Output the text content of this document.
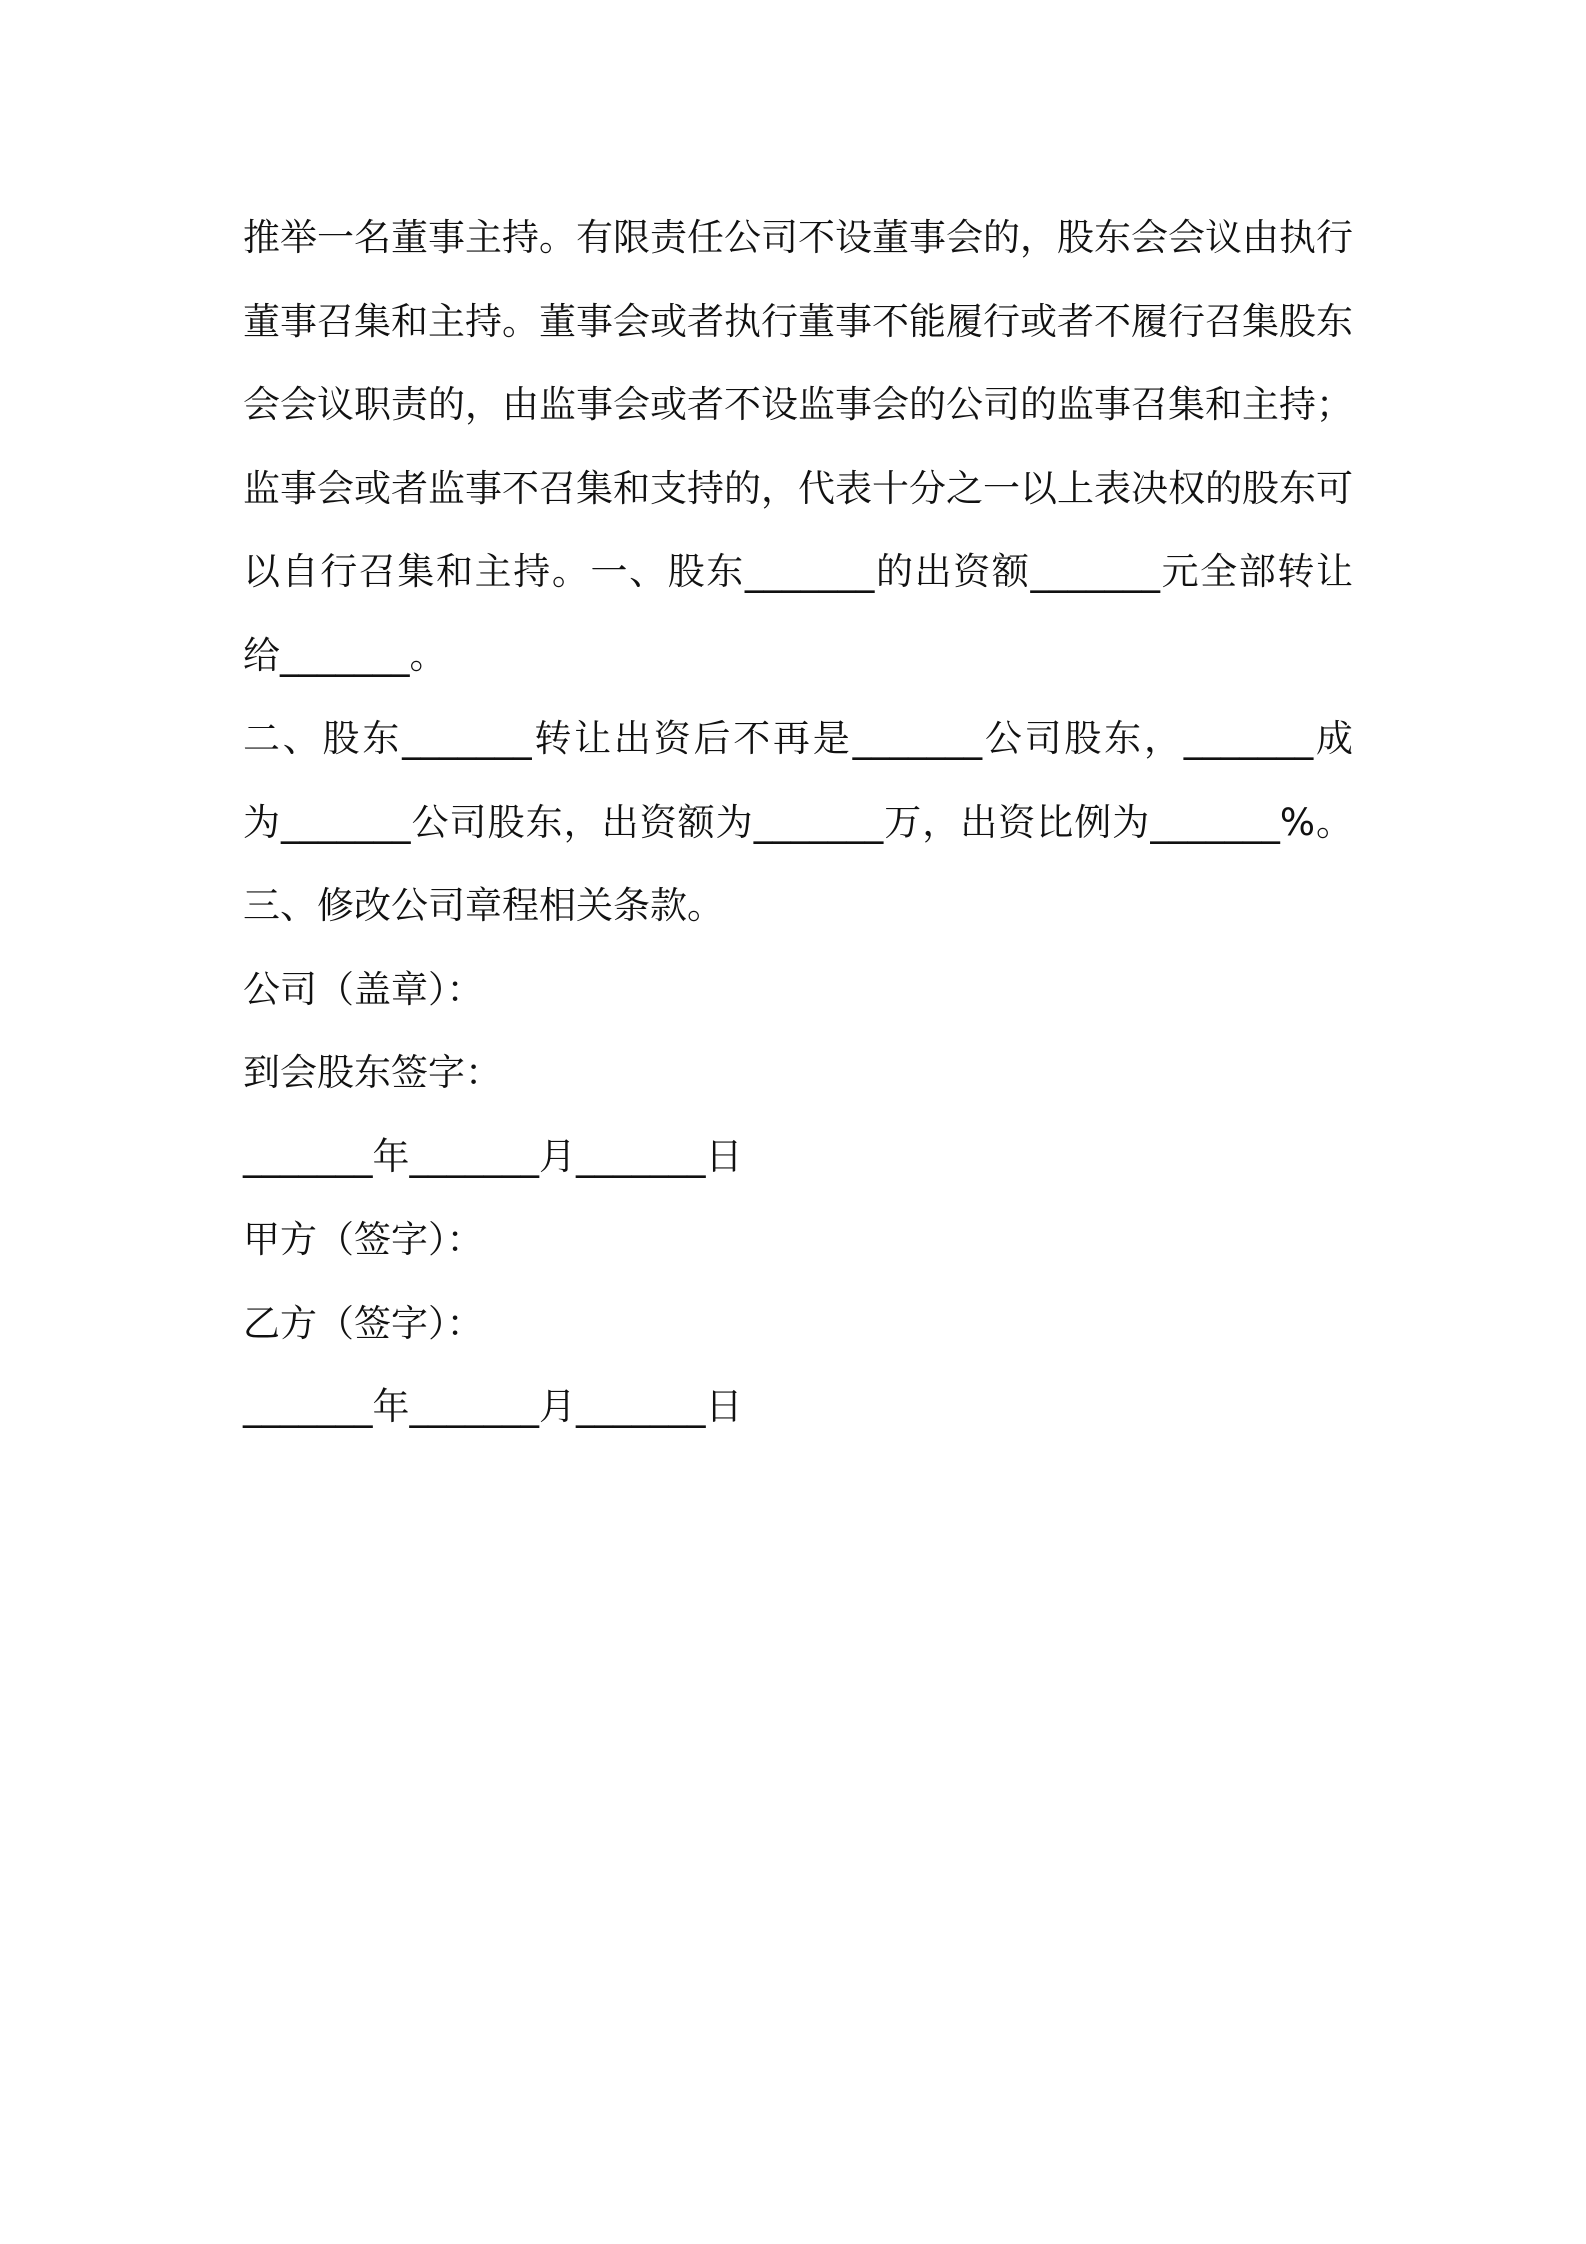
推举一名董事主持。有限责任公司不设董事会的，股东会会议由执行
董事召集和主持。董事会或者执行董事不能履行或者不履行召集股东
会会议职责的，由监事会或者不设监事会的公司的监事召集和主持；
监事会或者监事不召集和支持的，代表十分之一以上表决权的股东可
以自行召集和主持。一、股东_______的出资额_______元全部转让
给_______。
二、股东_______转让出资后不再是_______公司股东，_______成
为_______公司股东，出资额为_______万，出资比例为_______%。
三、修改公司章程相关条款。
公司（盖章）：
到会股东签字：
_______年_______月_______日
甲方（签字）：
乙方（签字）：
_______年_______月_______日
